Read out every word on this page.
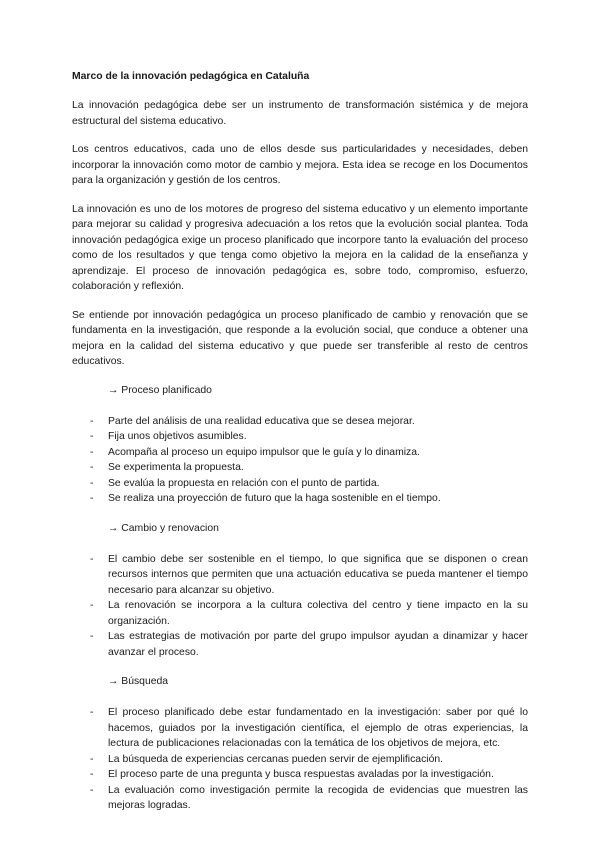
Marco de la innovación pedagógica en Cataluña

La innovación pedagógica debe ser un instrumento de transformación sistémica y de mejora estructural del sistema educativo.

Los centros educativos, cada uno de ellos desde sus particularidades y necesidades, deben incorporar la innovación como motor de cambio y mejora. Esta idea se recoge en los Documentos para la organización y gestión de los centros.

La innovación es uno de los motores de progreso del sistema educativo y un elemento importante para mejorar su calidad y progresiva adecuación a los retos que la evolución social plantea. Toda innovación pedagógica exige un proceso planificado que incorpore tanto la evaluación del proceso como de los resultados y que tenga como objetivo la mejora en la calidad de la enseñanza y aprendizaje. El proceso de innovación pedagógica es, sobre todo, compromiso, esfuerzo, colaboración y reflexión.

Se entiende por innovación pedagógica un proceso planificado de cambio y renovación que se fundamenta en la investigación, que responde a la evolución social, que conduce a obtener una mejora en la calidad del sistema educativo y que puede ser transferible al resto de centros educativos.

→ Proceso planificado
- Parte del análisis de una realidad educativa que se desea mejorar.
- Fija unos objetivos asumibles.
- Acompaña al proceso un equipo impulsor que le guía y lo dinamiza.
- Se experimenta la propuesta.
- Se evalúa la propuesta en relación con el punto de partida.
- Se realiza una proyección de futuro que la haga sostenible en el tiempo.
→ Cambio y renovacion
- El cambio debe ser sostenible en el tiempo, lo que significa que se disponen o crean recursos internos que permiten que una actuación educativa se pueda mantener el tiempo necesario para alcanzar su objetivo.
- La renovación se incorpora a la cultura colectiva del centro y tiene impacto en la su organización.
- Las estrategias de motivación por parte del grupo impulsor ayudan a dinamizar y hacer avanzar el proceso.
→ Búsqueda
- El proceso planificado debe estar fundamentado en la investigación: saber por qué lo hacemos, guiados por la investigación científica, el ejemplo de otras experiencias, la lectura de publicaciones relacionadas con la temática de los objetivos de mejora, etc.
- La búsqueda de experiencias cercanas pueden servir de ejemplificación.
- El proceso parte de una pregunta y busca respuestas avaladas por la investigación.
- La evaluación como investigación permite la recogida de evidencias que muestren las mejoras logradas.
